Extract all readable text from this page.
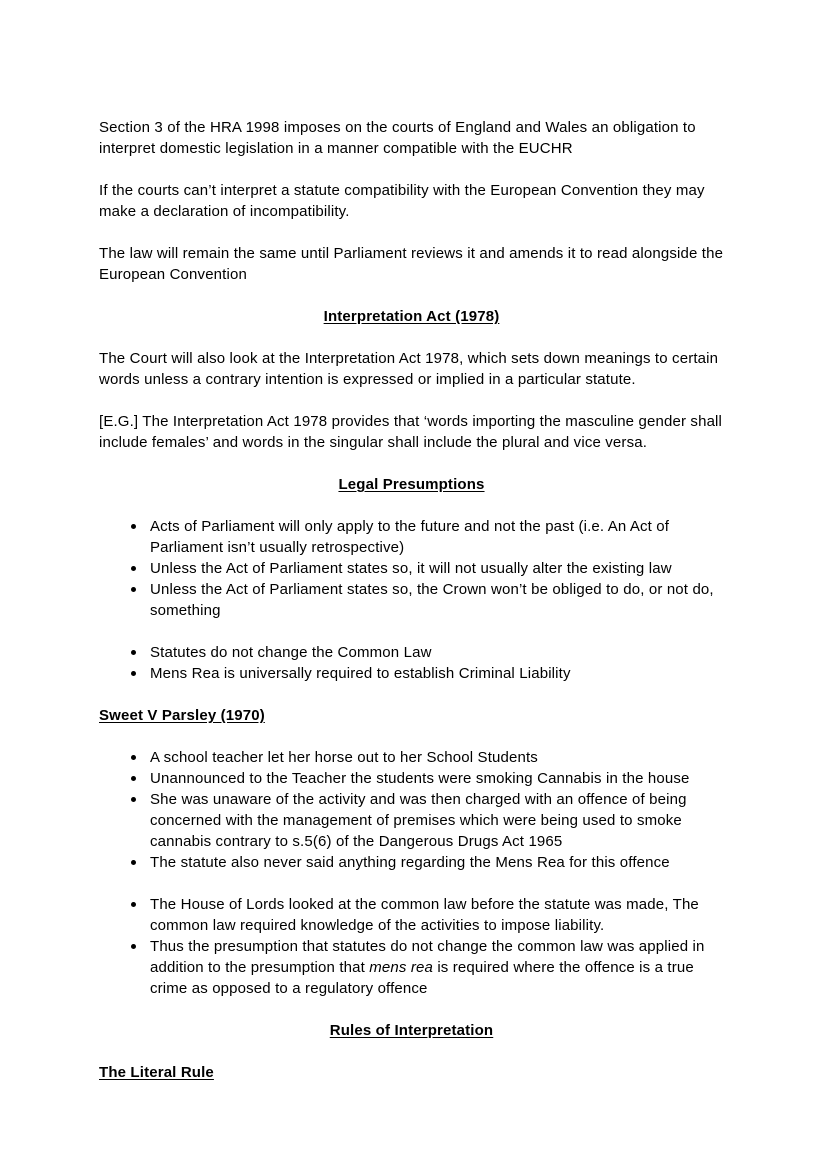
Section 3 of the HRA 1998 imposes on the courts of England and Wales an obligation to interpret domestic legislation in a manner compatible with the EUCHR

If the courts can’t interpret a statute compatibility with the European Convention they may make a declaration of incompatibility.

The law will remain the same until Parliament reviews it and amends it to read alongside the European Convention

Interpretation Act (1978)

The Court will also look at the Interpretation Act 1978, which sets down meanings to certain words unless a contrary intention is expressed or implied in a particular statute.

[E.G.] The Interpretation Act 1978 provides that ‘words importing the masculine gender shall include females’ and words in the singular shall include the plural and vice versa.

Legal Presumptions
Acts of Parliament will only apply to the future and not the past (i.e. An Act of Parliament isn’t usually retrospective)
Unless the Act of Parliament states so, it will not usually alter the existing law
Unless the Act of Parliament states so, the Crown won’t be obliged to do, or not do, something
Statutes do not change the Common Law
Mens Rea is universally required to establish Criminal Liability
Sweet V Parsley (1970)
A school teacher let her horse out to her School Students
Unannounced to the Teacher the students were smoking Cannabis in the house
She was unaware of the activity and was then charged with an offence of being concerned with the management of premises which were being used to smoke cannabis contrary to s.5(6) of the Dangerous Drugs Act 1965
The statute also never said anything regarding the Mens Rea for this offence
The House of Lords looked at the common law before the statute was made, The common law required knowledge of the activities to impose liability.
Thus the presumption that statutes do not change the common law was applied in addition to the presumption that mens rea is required where the offence is a true crime as opposed to a regulatory offence
Rules of Interpretation
The Literal Rule
